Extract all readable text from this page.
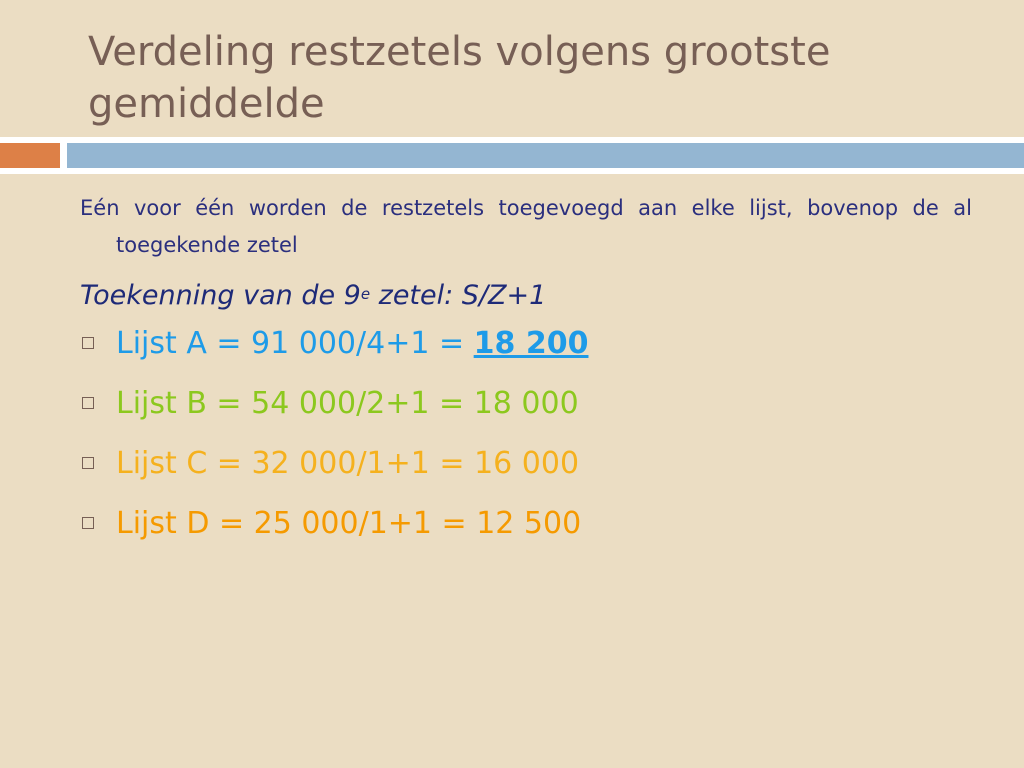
Verdeling restzetels volgens grootste gemiddelde

Eén voor één worden de restzetels toegevoegd aan elke lijst, bovenop de al toegekende zetel

Toekenning van de 9e zetel: S/Z+1

Lijst A = 91 000/4+1 = 18 200
Lijst B = 54 000/2+1 = 18 000
Lijst C = 32 000/1+1 = 16 000
Lijst D = 25 000/1+1 = 12 500
